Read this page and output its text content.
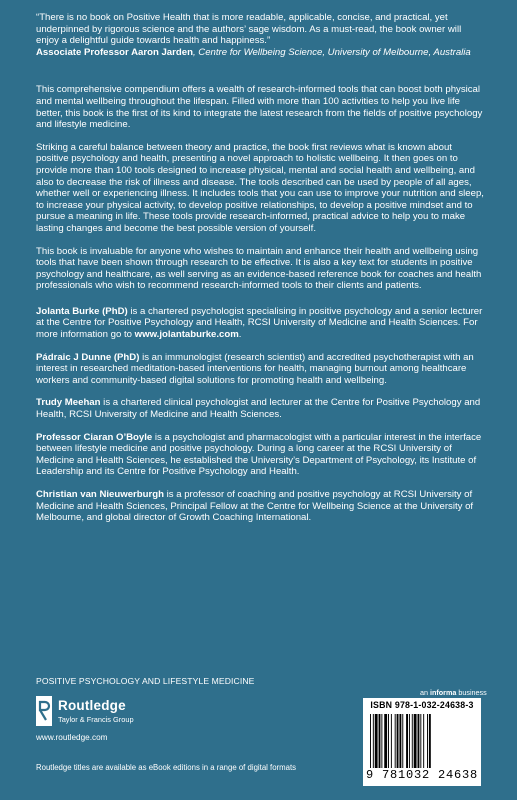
“There is no book on Positive Health that is more readable, applicable, concise, and practical, yet underpinned by rigorous science and the authors’ sage wisdom. As a must-read, the book owner will enjoy a delightful guide towards health and happiness.”
Associate Professor Aaron Jarden, Centre for Wellbeing Science, University of Melbourne, Australia

This comprehensive compendium offers a wealth of research-informed tools that can boost both physical and mental wellbeing throughout the lifespan. Filled with more than 100 activities to help you live life better, this book is the first of its kind to integrate the latest research from the fields of positive psychology and lifestyle medicine.

Striking a careful balance between theory and practice, the book first reviews what is known about positive psychology and health, presenting a novel approach to holistic wellbeing. It then goes on to provide more than 100 tools designed to increase physical, mental and social health and wellbeing, and also to decrease the risk of illness and disease. The tools described can be used by people of all ages, whether well or experiencing illness. It includes tools that you can use to improve your nutrition and sleep, to increase your physical activity, to develop positive relationships, to develop a positive mindset and to pursue a meaning in life. These tools provide research-informed, practical advice to help you to make lasting changes and become the best possible version of yourself.

This book is invaluable for anyone who wishes to maintain and enhance their health and wellbeing using tools that have been shown through research to be effective. It is also a key text for students in positive psychology and healthcare, as well serving as an evidence-based reference book for coaches and health professionals who wish to recommend research-informed tools to their clients and patients.

Jolanta Burke (PhD) is a chartered psychologist specialising in positive psychology and a senior lecturer at the Centre for Positive Psychology and Health, RCSI University of Medicine and Health Sciences. For more information go to www.jolantaburke.com.

Pádraic J Dunne (PhD) is an immunologist (research scientist) and accredited psychotherapist with an interest in researched meditation-based interventions for health, managing burnout among healthcare workers and community-based digital solutions for promoting health and wellbeing.

Trudy Meehan is a chartered clinical psychologist and lecturer at the Centre for Positive Psychology and Health, RCSI University of Medicine and Health Sciences.

Professor Ciaran O’Boyle is a psychologist and pharmacologist with a particular interest in the interface between lifestyle medicine and positive psychology. During a long career at the RCSI University of Medicine and Health Sciences, he established the University’s Department of Psychology, its Institute of Leadership and its Centre for Positive Psychology and Health.

Christian van Nieuwerburgh is a professor of coaching and positive psychology at RCSI University of Medicine and Health Sciences, Principal Fellow at the Centre for Wellbeing Science at the University of Melbourne, and global director of Growth Coaching International.

POSITIVE PSYCHOLOGY AND LIFESTYLE MEDICINE
Routledge
Taylor & Francis Group
www.routledge.com
Routledge titles are available as eBook editions in a range of digital formats
an informa business
ISBN 978-1-032-24638-3
9 781032 24638
